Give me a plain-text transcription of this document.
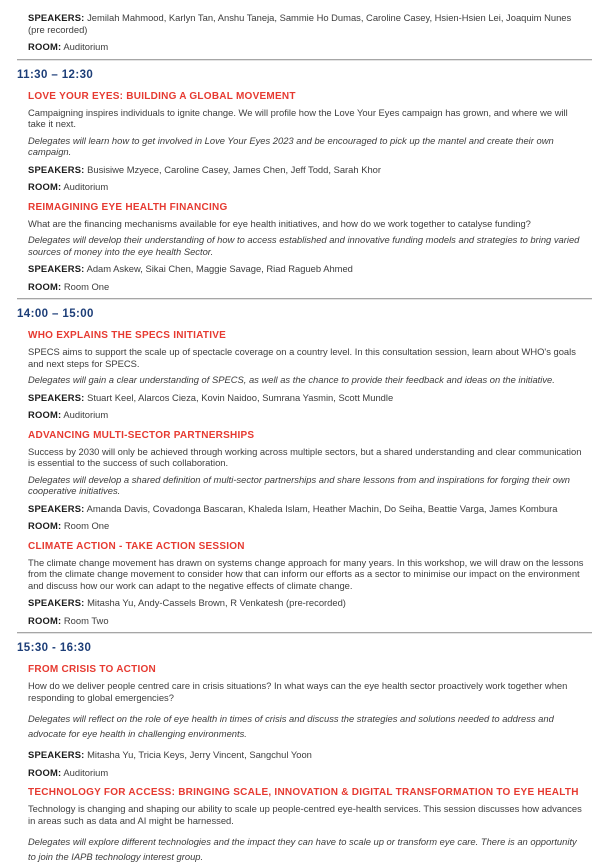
SPEAKERS: Jemilah Mahmood, Karlyn Tan, Anshu Taneja, Sammie Ho Dumas, Caroline Casey, Hsien-Hsien Lei, Joaquim Nunes (pre recorded)

ROOM: Auditorium

11:30 – 12:30
LOVE YOUR EYES: BUILDING A GLOBAL MOVEMENT

Campaigning inspires individuals to ignite change. We will profile how the Love Your Eyes campaign has grown, and where we will take it next.

Delegates will learn how to get involved in Love Your Eyes 2023 and be encouraged to pick up the mantel and create their own campaign.

SPEAKERS: Busisiwe Mzyece, Caroline Casey, James Chen, Jeff Todd, Sarah Khor

ROOM: Auditorium

REIMAGINING EYE HEALTH FINANCING

What are the financing mechanisms available for eye health initiatives, and how do we work together to catalyse funding?

Delegates will develop their understanding of how to access established and innovative funding models and strategies to bring varied sources of money into the eye health Sector.

SPEAKERS: Adam Askew, Sikai Chen, Maggie Savage, Riad Ragueb Ahmed

ROOM: Room One

14:00 – 15:00
WHO EXPLAINS THE SPECS INITIATIVE

SPECS aims to support the scale up of spectacle coverage on a country level. In this consultation session, learn about WHO's goals and next steps for SPECS.

Delegates will gain a clear understanding of SPECS, as well as the chance to provide their feedback and ideas on the initiative.

SPEAKERS: Stuart Keel, Alarcos Cieza, Kovin Naidoo, Sumrana Yasmin, Scott Mundle

ROOM: Auditorium

ADVANCING MULTI-SECTOR PARTNERSHIPS

Success by 2030 will only be achieved through working across multiple sectors, but a shared understanding and clear communication is essential to the success of such collaboration.

Delegates will develop a shared definition of multi-sector partnerships and share lessons from and inspirations for forging their own cooperative initiatives.

SPEAKERS: Amanda Davis, Covadonga Bascaran, Khaleda Islam, Heather Machin, Do Seiha, Beattie Varga, James Kombura

ROOM: Room One

CLIMATE ACTION - TAKE ACTION SESSION

The climate change movement has drawn on systems change approach for many years. In this workshop, we will draw on the lessons from the climate change movement to consider how that can inform our efforts as a sector to minimise our impact on the environment and discuss how our work can adapt to the negative effects of climate change.

SPEAKERS: Mitasha Yu, Andy-Cassels Brown, R Venkatesh (pre-recorded)

ROOM: Room Two

15:30 - 16:30
FROM CRISIS TO ACTION

How do we deliver people centred care in crisis situations? In what ways can the eye health sector proactively work together when responding to global emergencies?

Delegates will reflect on the role of eye health in times of crisis and discuss the strategies and solutions needed to address and advocate for eye health in challenging environments.

SPEAKERS: Mitasha Yu, Tricia Keys, Jerry Vincent, Sangchul Yoon

ROOM: Auditorium

TECHNOLOGY FOR ACCESS: BRINGING SCALE, INNOVATION & DIGITAL TRANSFORMATION TO EYE HEALTH

Technology is changing and shaping our ability to scale up people-centred eye-health services. This session discusses how advances in areas such as data and AI might be harnessed.

Delegates will explore different technologies and the impact they can have to scale up or transform eye care. There is an opportunity to join the IAPB technology interest group.
